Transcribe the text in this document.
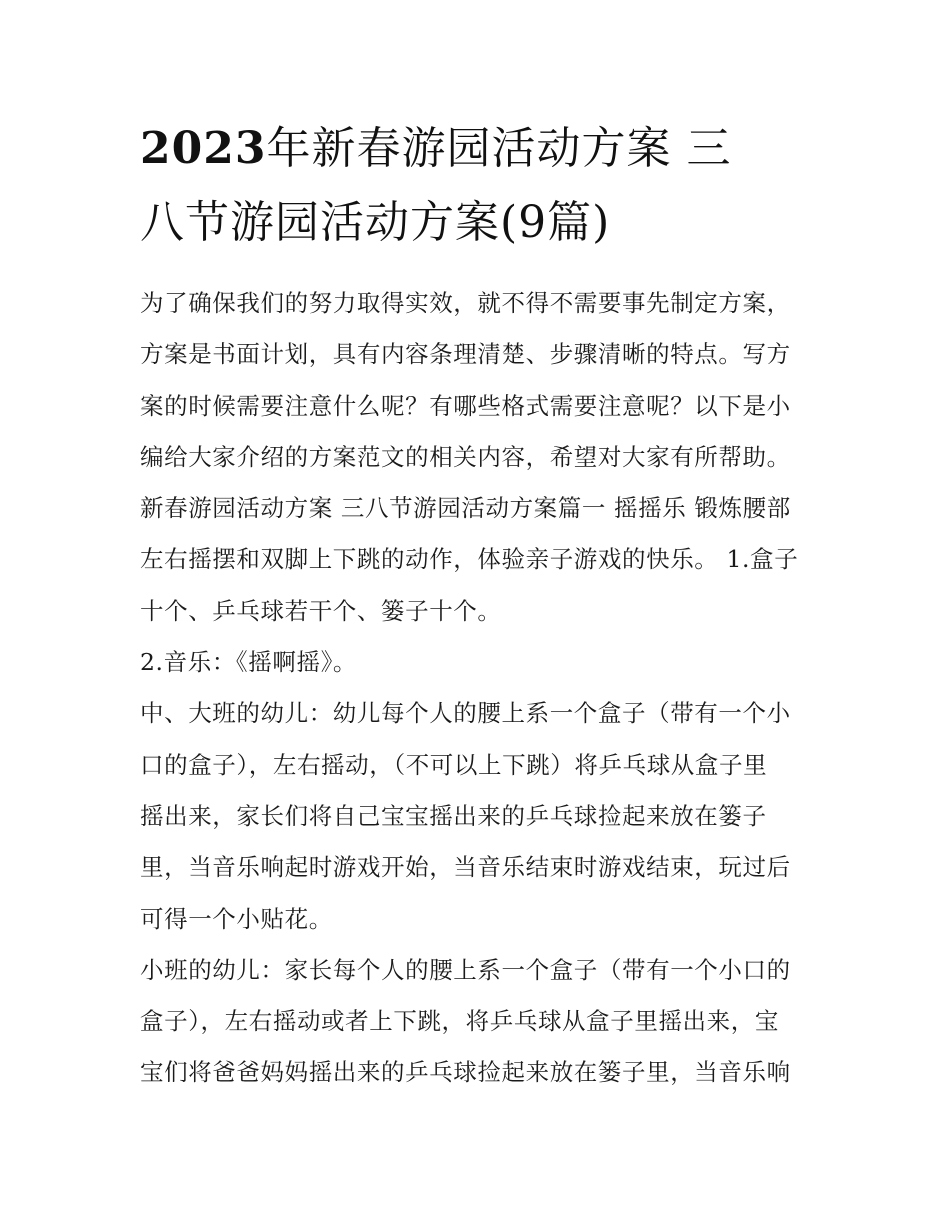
2023年新春游园活动方案 三
八节游园活动方案(9篇)
为了确保我们的努力取得实效，就不得不需要事先制定方案，
方案是书面计划，具有内容条理清楚、步骤清晰的特点。写方
案的时候需要注意什么呢？有哪些格式需要注意呢？以下是小
编给大家介绍的方案范文的相关内容，希望对大家有所帮助。
新春游园活动方案 三八节游园活动方案篇一 摇摇乐 锻炼腰部
左右摇摆和双脚上下跳的动作，体验亲子游戏的快乐。 1.盒子
十个、乒乓球若干个、篓子十个。
2.音乐：《摇啊摇》。
中、大班的幼儿：幼儿每个人的腰上系一个盒子（带有一个小
口的盒子），左右摇动，（不可以上下跳）将乒乓球从盒子里
摇出来，家长们将自己宝宝摇出来的乒乓球捡起来放在篓子
里，当音乐响起时游戏开始，当音乐结束时游戏结束，玩过后
可得一个小贴花。
小班的幼儿：家长每个人的腰上系一个盒子（带有一个小口的
盒子），左右摇动或者上下跳，将乒乓球从盒子里摇出来，宝
宝们将爸爸妈妈摇出来的乒乓球捡起来放在篓子里，当音乐响
